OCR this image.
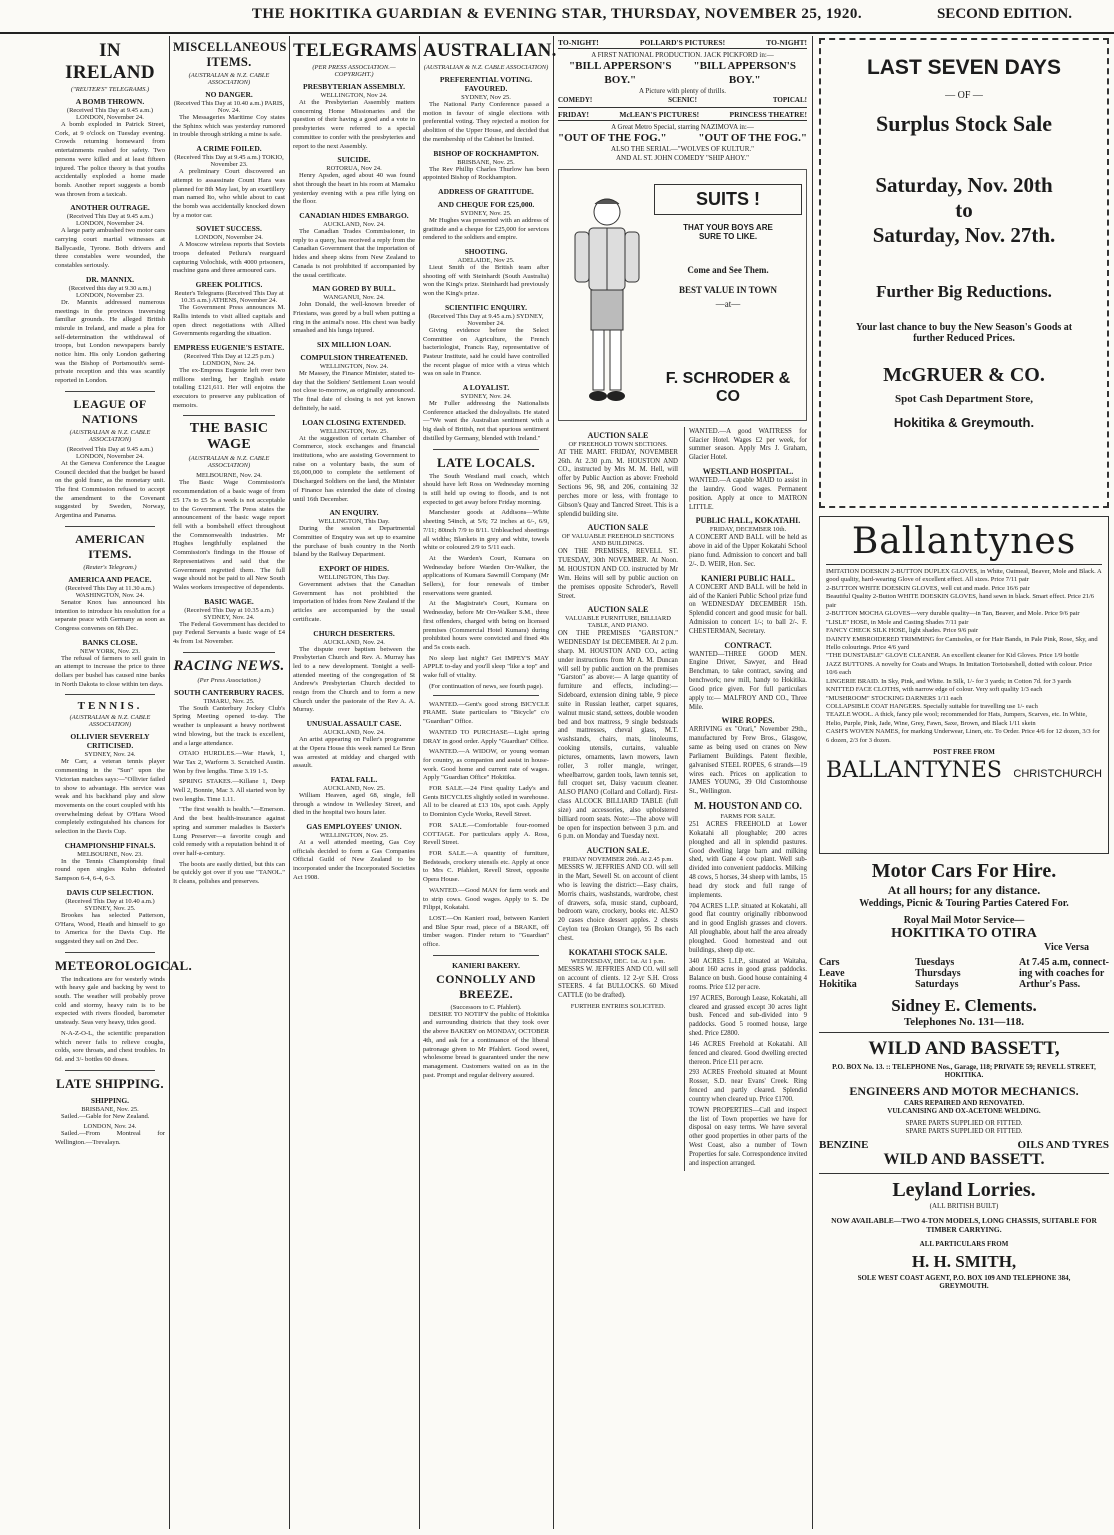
THE HOKITIKA GUARDIAN & EVENING STAR, THURSDAY, NOVEMBER 25, 1920.	SECOND EDITION.
IN IRELAND
("REUTER'S" TELEGRAMS.)
A BOMB THROWN.
(Received This Day at 9.45 a.m.) LONDON, November 24.

A bomb exploded in Patrick Street, Cork, at 9 o'clock on Tuesday evening. Crowds returning homeward from entertainments rushed for safety. Two persons were killed and at least fifteen injured. The police theory is that youths accidentally exploded a home made bomb. Another report suggests a bomb was thrown from a taxicab.

ANOTHER OUTRAGE.
(Received This Day at 9.45 a.m.) LONDON, November 24.

A large party ambushed two motor cars carrying court martial witnesses at Ballycastle, Tyrone. Both drivers and three constables were wounded, the constables seriously.

DR. MANNIX.
(Received this day at 9.30 a.m.) LONDON, November 23.

Dr. Mannix addressed numerous meetings in the provinces traversing familiar grounds. He alleged British misrule in Ireland, and made a plea for self-determination the withdrawal of troops, but London newspapers barely notice him. His only London gathering was the Bishop of Portsmouth's semi-private reception and this was scantily reported in London.

LEAGUE OF NATIONS
(AUSTRALIAN & N.Z. CABLE ASSOCIATION)
(Received This Day at 9.45 a.m.) LONDON, November 24.

At the Geneva Conference the League Council decided that the budget be based on the gold franc, as the monetary unit. The first Commission refused to accept the amendment to the Covenant suggested by Sweden, Norway, Argentina and Panama.

AMERICAN ITEMS.
(Reuter's Telegram.)
AMERICA AND PEACE.
(Received This Day at 11.30 a.m.) WASHINGTON, Nov. 24.

Senator Knox has announced his intention to introduce his resolution for a separate peace with Germany as soon as Congress convenes on 6th Dec.

BANKS CLOSE.
NEW YORK, Nov. 23.

The refusal of farmers to sell grain in an attempt to increase the price to three dollars per bushel has caused nine banks in North Dakota to close within ten days.

TENNIS.
(AUSTRALIAN & N.Z. CABLE ASSOCIATION)
OLLIVIER SEVERELY CRITICISED.
SYDNEY, Nov. 24.

Mr Carr, a veteran tennis player commenting in the "Sun" upon the Victorian matches says:—"Ollivier failed to show to advantage. His service was weak and his backhand play and slow movements on the court coupled with his overwhelming defeat by O'Hara Wood completely extinguished his chances for selection in the Davis Cup.

CHAMPIONSHIP FINALS.
MELBOURNE, Nov. 23.

In the Tennis Championship final round open singles Kuhn defeated Sampson 6-4, 6-4, 6-3.

DAVIS CUP SELECTION.
(Received This Day at 10.40 a.m.) SYDNEY, Nov. 25.

Brookes has selected Patterson, O'Hara, Wood, Heath and himself to go to America for the Davis Cup. He suggested they sail on 2nd Dec.

METEOROLOGICAL.

The indications are for westerly winds with heavy gale and backing by west to south. The weather will probably prove cold and stormy, heavy rain is to be expected with rivers flooded, barometer unsteady. Seas very heavy, tides good.

N-A-Z-O-L, the scientific preparation which never fails to relieve coughs, colds, sore throats, and chest troubles. In 6d. and 3/- bottles 60 doses.

LATE SHIPPING.
SHIPPING.
BRISBANE, Nov. 25.

Sailed.—Gable for New Zealand.

LONDON, Nov. 24.

Sailed.—From Montreal for Wellington.—Trevalayn.

MISCELLANEOUS ITEMS.
(AUSTRALIAN & N.Z. CABLE ASSOCIATION)
NO DANGER.
(Received This Day at 10.40 a.m.) PARIS, Nov. 24.

The Messageries Maritime Coy states the Sphinx which was yesterday rumored in trouble through striking a mine is safe.

A CRIME FOILED.
(Received This Day at 9.45 a.m.) TOKIO, November 23.

A preliminary Court discovered an attempt to assassinate Count Hara was planned for 8th May last, by an exartillery man named Ito, who while about to cast the bomb was accidentally knocked down by a motor car.

SOVIET SUCCESS.
LONDON, November 24.

A Moscow wireless reports that Soviets troops defeated Petlura's rearguard capturing Volochisk, with 4000 prisoners, machine guns and three armoured cars.

GREEK POLITICS.
Reuter's Telegrams (Received This Day at 10.35 a.m.) ATHENS, November 24.

The Government Press announces M. Rallis intends to visit allied capitals and open direct negotiations with Allied Governments regarding the situation.

EMPRESS EUGENIE'S ESTATE.
(Received This Day at 12.25 p.m.) LONDON, Nov. 24.

The ex-Empress Eugenie left over two millions sterling, her English estate totalling £121,611. Her will enjoins the executors to preserve any publication of memoirs.

THE BASIC WAGE
(AUSTRALIAN & N.Z. CABLE ASSOCIATION)
MELBOURNE, Nov. 24.

The Basic Wage Commission's recommendation of a basic wage of from £5 17s to £5 5s a week is not acceptable to the Government. The Press states the announcement of the basic wage report fell with a bombshell effect throughout the Commonwealth industries. Mr Hughes lengthfully explained the Commission's findings in the House of Representatives and said that the Government regretted them. The full wage should not be paid to all New South Wales workers irrespective of dependents.

BASIC WAGE.
(Received This Day at 10.35 a.m.) SYDNEY, Nov. 24.

The Federal Government has decided to pay Federal Servants a basic wage of £4 4s from 1st November.

RACING NEWS.
(Per Press Association.)
SOUTH CANTERBURY RACES.
TIMARU, Nov. 25.

The South Canterbury Jockey Club's Spring Meeting opened to-day. The weather is unpleasant a heavy northwest wind blowing, but the track is excellent, and a large attendance.

OTAIO HURDLES.—War Hawk, 1, War Tax 2, Warform 3. Scratched Austin. Won by five lengths. Time 3.19 1-5.

SPRING STAKES.—Killane 1, Deep Well 2, Bonnie, Mac 3. All started won by two lengths. Time 1.11.

"The first wealth is health."—Emerson. And the best health-insurance against spring and summer maladies is Baxter's Lung Preserver—a favorite cough and cold remedy with a reputation behind it of over half-a-century.

The boots are easily dirtied, but this can be quickly got over if you use "TANOL." It cleans, polishes and preserves.

TELEGRAMS
(PER PRESS ASSOCIATION.—COPYRIGHT.)
PRESBYTERIAN ASSEMBLY.
WELLINGTON, Nov 24.

At the Presbyterian Assembly matters concerning Home Missionaries and the question of their having a good and a vote in presbyteries were referred to a special committee to confer with the presbyteries and report to the next Assembly.

SUICIDE.
ROTORUA, Nov 24.

Henry Apsden, aged about 40 was found shot through the heart in his room at Mamaku yesterday evening with a pea rifle lying on the floor.

CANADIAN HIDES EMBARGO.
AUCKLAND, Nov. 24.

The Canadian Trades Commissioner, in reply to a query, has received a reply from the Canadian Government that the importation of hides and sheep skins from New Zealand to Canada is not prohibited if accompanied by the usual certificate.

MAN GORED BY BULL.
WANGANUI, Nov. 24.

John Donald, the well-known breeder of Friesians, was gored by a bull when putting a ring in the animal's nose. His chest was badly smashed and his lungs injured.

SIX MILLION LOAN.
COMPULSION THREATENED.
WELLINGTON, Nov. 24.

Mr Massey, the Finance Minister, stated to-day that the Soldiers' Settlement Loan would not close to-morrow, as originally announced. The final date of closing is not yet known definitely, he said.

LOAN CLOSING EXTENDED.
WELLINGTON, Nov. 25.

At the suggestion of certain Chamber of Commerce, stock exchanges and financial institutions, who are assisting Government to raise on a voluntary basis, the sum of £6,000,000 to complete the settlement of Discharged Soldiers on the land, the Minister of Finance has extended the date of closing until 16th December.

AN ENQUIRY.
WELLINGTON, This Day.

During the session a Departmental Committee of Enquiry was set up to examine the purchase of bush country in the North Island by the Railway Department.

EXPORT OF HIDES.
WELLINGTON, This Day.

Government advises that the Canadian Government has not prohibited the importation of hides from New Zealand if the articles are accompanied by the usual certificate.

CHURCH DESERTERS.
AUCKLAND, Nov. 24.

The dispute over baptism between the Presbyterian Church and Rev. A. Murray has led to a new development. Tonight a well-attended meeting of the congregation of St Andrew's Presbyterian Church decided to resign from the Church and to form a new Church under the pastorate of the Rev A. A. Murray.

UNUSUAL ASSAULT CASE.
AUCKLAND, Nov. 24.

An artist appearing on Fuller's programme at the Opera House this week named Le Brun was arrested at midday and charged with assault.

FATAL FALL.
AUCKLAND, Nov. 25.

William Heaven, aged 68, single, fell through a window in Wellesley Street, and died in the hospital two hours later.

GAS EMPLOYEES' UNION.
WELLINGTON, Nov. 25.

At a well attended meeting, Gas Coy officials decided to form a Gas Companies Official Guild of New Zealand to be incorporated under the Incorporated Societies Act 1908.

AUSTRALIAN.
(AUSTRALIAN & N.Z. CABLE ASSOCIATION)
PREFERENTIAL VOTING. FAVOURED.
SYDNEY, Nov 25.

The National Party Conference passed a motion in favour of single elections with preferential voting. They rejected a motion for abolition of the Upper House, and decided that the membership of the Cabinet be limited.

BISHOP OF ROCKHAMPTON.
BRISBANE, Nov. 25.

The Rev Phillip Charles Thurlow has been appointed Bishop of Rockhampton.

ADDRESS OF GRATITUDE.
AND CHEQUE FOR £25,000.
SYDNEY, Nov. 25.

Mr Hughes was presented with an address of gratitude and a cheque for £25,000 for services rendered to the soldiers and empire.

SHOOTING.
ADELAIDE, Nov 25.

Lieut Smith of the British team after shooting off with Steinhardt (South Australia) won the King's prize. Steinhardt had previously won the King's prize.

SCIENTIFIC ENQUIRY.
(Received This Day at 9.45 a.m.) SYDNEY, November 24.

Giving evidence before the Select Committee on Agriculture, the French bacteriologist, Francis Ray, representative of Pasteur Institute, said he could have controlled the recent plague of mice with a virus which was on sale in France.

A LOYALIST.
SYDNEY, Nov. 24.

Mr Fuller addressing the Nationalists Conference attacked the disloyalists. He stated—"We want the Australian sentiment with a big dash of British, not that spurious sentiment distilled by Germany, blended with Ireland."

LATE LOCALS.

The South Westland mail coach, which should have left Ross on Wednesday morning is still held up owing to floods, and is not expected to get away before Friday morning.

Manchester goods at Addisons—White sheeting 54inch, at 5/6; 72 inches at 6/-, 6/9, 7/11; 80inch 7/9 to 8/11. Unbleached sheetings all widths; Blankets in grey and white, towels white or coloured 2/9 to 5/11 each.

At the Warden's Court, Kumara on Wednesday before Warden Orr-Walker, the applications of Kumara Sawmill Company (Mr Sellers), for four renewals of timber reservations were granted.

At the Magistrate's Court, Kumara on Wednesday, before Mr Orr-Walker S.M., three first offenders, charged with being on licensed premises (Commercial Hotel Kumara) during prohibited hours were convicted and fined 40s and 5s costs each.

No sleep last night? Get IMPEY'S MAY APPLE to-day and you'll sleep "like a top" and wake full of vitality.

(For continuation of news, see fourth page).

WANTED.—Gent's good strong BICYCLE FRAME. State particulars to "Bicycle" c/o "Guardian" Office.

WANTED TO PURCHASE—Light spring DRAY in good order. Apply "Guardian" Office.

WANTED.—A WIDOW, or young woman for country, as companion and assist in house-work. Good home and current rate of wages. Apply "Guardian Office" Hokitika.

FOR SALE.—24 First quality Lady's and Gents BICYCLES slightly soiled in warehouse. All to be cleared at £13 10s, spot cash. Apply to Dominion Cycle Works, Revell Street.

FOR SALE.—Comfortable four-roomed COTTAGE. For particulars apply A. Ross, Revell Street.

FOR SALE.—A quantity of furniture, Bedsteads, crockery utensils etc. Apply at once to Mrs C. Pfahlert, Revell Street, opposite Opera House.

WANTED.—Good MAN for farm work and to strip cows. Good wages. Apply to S. De Filippi, Kokatahi.

LOST.—On Kanieri road, between Kanieri and Blue Spur road, piece of a BRAKE, off timber wagon. Finder return to "Guardian" office.

KANIERI BAKERY.
CONNOLLY AND BREEZE.
(Successors to C. Pfahlert).

DESIRE TO NOTIFY the public of Hokitika and surrounding districts that they took over the above BAKERY on MONDAY, OCTOBER 4th, and ask for a continuance of the liberal patronage given to Mr Pfahlert. Good sweet, wholesome bread is guaranteed under the new management. Customers waited on as in the past. Prompt and regular delivery assured.

TO-NIGHT!	POLLARD'S PICTURES!	TO-NIGHT!
A FIRST NATIONAL PRODUCTION. JACK PICKFORD in:—
"BILL APPERSON'S BOY."
"BILL APPERSON'S BOY."
A Picture with plenty of thrills.
COMEDY!	SCENIC!	TOPICAL!
FRIDAY!	McLEAN'S PICTURES!	PRINCESS THEATRE!
A Great Metro Special, starring NAZIMOVA in:—
"OUT OF THE FOG."	"OUT OF THE FOG."
ALSO THE SERIAL—"WOLVES OF KULTUR."
AND AL ST. JOHN COMEDY "SHIP AHOY."
SUITS !
THAT YOUR BOYS ARE
SURE TO LIKE.
Come and See Them.
BEST VALUE IN TOWN
—at—
F. SCHRODER & CO
AUCTION SALE
OF FREEHOLD TOWN SECTIONS.

AT THE MART. FRIDAY, NOVEMBER 26th. At 2.30 p.m. M. HOUSTON AND CO., instructed by Mrs M. M. Hell, will offer by Public Auction as above: Freehold Sections 96, 98, and 206, containing 32 perches more or less, with frontage to Gibson's Quay and Tancred Street. This is a splendid building site.

AUCTION SALE
OF VALUABLE FREEHOLD SECTIONS AND BUILDINGS.

ON THE PREMISES, REVELL ST. TUESDAY, 30th NOVEMBER. At Noon. M. HOUSTON AND CO. instructed by Mr Wm. Heins will sell by public auction on the premises opposite Schroder's, Revell Street.

AUCTION SALE
VALUABLE FURNITURE, BILLIARD TABLE, AND PIANO.

ON THE PREMISES "GARSTON." WEDNESDAY 1st DECEMBER. At 2 p.m. sharp. M. HOUSTON AND CO., acting under instructions from Mr A. M. Duncan will sell by public auction on the premises "Garston" as above:— A large quantity of furniture and effects, including:—Sideboard, extension dining table, 9 piece suite in Russian leather, carpet squares, walnut music stand, settees, double wooden bed and box mattress, 9 single bedsteads and mattresses, cheval glass, M.T. washstands, chairs, mats, linoleums, cooking utensils, curtains, valuable pictures, ornaments, lawn mowers, lawn roller, 3 roller mangle, wringer, wheelbarrow, garden tools, lawn tennis set, full croquet set, Daisy vacuum cleaner. ALSO PIANO (Collard and Collard). First-class ALCOCK BILLIARD TABLE (full size) and accessories, also upholstered billiard room seats. Note:—The above will be open for inspection between 3 p.m. and 6 p.m. on Monday and Tuesday next.

AUCTION SALE.
FRIDAY NOVEMBER 26th. At 2.45 p.m.

MESSRS W. JEFFRIES AND CO. will sell in the Mart, Sewell St. on account of client who is leaving the district:—Easy chairs, Morris chairs, washstands, wardrobe, chest of drawers, sofa, music stand, cupboard, bedroom ware, crockery, books etc. ALSO 20 cases choice dessert apples. 2 chests Ceylon tea (Broken Orange), 95 lbs each chest.

KOKATAHI STOCK SALE.
WEDNESDAY, DEC. 1st. At 1 p.m.

MESSRS W. JEFFRIES AND CO. will sell on account of clients. 12 2-yr S.H. Cross STEERS. 4 fat BULLOCKS. 60 Mixed CATTLE (to be drafted).

FURTHER ENTRIES SOLICITED.

WANTED.—A good WAITRESS for Glacier Hotel. Wages £2 per week, for summer season. Apply Mrs J. Graham, Glacier Hotel.

WESTLAND HOSPITAL.

WANTED.—A capable MAID to assist in the laundry. Good wages. Permanent position. Apply at once to MATRON LITTLE.

PUBLIC HALL, KOKATAHI.
FRIDAY, DECEMBER 10th.

A CONCERT AND BALL will be held as above in aid of the Upper Kokatahi School piano fund. Admission to concert and ball 2/-. D. WEIR, Hon. Sec.

KANIERI PUBLIC HALL.

A CONCERT AND BALL will be held in aid of the Kanieri Public School prize fund on WEDNESDAY DECEMBER 15th. Splendid concert and good music for ball. Admission to concert 1/-; to ball 2/-. F. CHESTERMAN, Secretary.

CONTRACT.

WANTED—THREE GOOD MEN. Engine Driver, Sawyer, and Head Benchman, to take contract, sawing and benchwork; new mill, handy to Hokitika. Good price given. For full particulars apply to:— MALFROY AND CO., Three Mile.

WIRE ROPES.

ARRIVING ex "Orari," November 29th., manufactured by Frew Bros., Glasgow, same as being used on cranes on New Parliament Buildings. Patent flexible, galvanised STEEL ROPES, 6 strands—19 wires each. Prices on application to JAMES YOUNG, 39 Old Customhouse St., Wellington.

M. HOUSTON AND CO.
FARMS FOR SALE.

251 ACRES FREEHOLD at Lower Kokatahi all ploughable; 200 acres ploughed and all in splendid pastures. Good dwelling large barn and milking shed, with Gane 4 cow plant. Well sub-divided into convenient paddocks. Milking 48 cows, 5 horses, 34 sheep with lambs, 15 head dry stock and full range of implements.

704 ACRES L.I.P. situated at Kokatahi, all good flat country originally ribbonwood and in good English grasses and clovers. All ploughable, about half the area already ploughed. Good homestead and out buildings, sheep dip etc.

340 ACRES L.I.P., situated at Waitaha, about 160 acres in good grass paddocks. Balance on bush. Good house containing 4 rooms. Price £12 per acre.

197 ACRES, Borough Lease, Kokatahi, all cleared and grassed except 30 acres light bush. Fenced and sub-divided into 9 paddocks. Good 5 roomed house, large shed. Price £2800.

146 ACRES Freehold at Kokatahi. All fenced and cleared. Good dwelling erected thereon. Price £11 per acre.

293 ACRES Freehold situated at Mount Rosser, S.D. near Evans' Creek. Ring fenced and partly cleared. Splendid country when cleared up. Price £1700.

TOWN PROPERTIES—Call and inspect the list of Town properties we have for disposal on easy terms. We have several other good properties in other parts of the West Coast, also a number of Town Properties for sale. Correspondence invited and inspection arranged.

LAST SEVEN DAYS
— OF —
Surplus Stock Sale
Saturday, Nov. 20th
to
Saturday, Nov. 27th.
Further Big Reductions.
Your last chance to buy the New Season's Goods at further Reduced Prices.
McGRUER & CO.
Spot Cash Department Store,
Hokitika & Greymouth.
Ballantynes
IMITATION DOESKIN 2-BUTTON DUPLEX GLOVES, in White, Oatmeal, Beaver, Mole and Black. A good quality, hard-wearing Glove of excellent effect. All sizes. Price 7/11 pair
2-BUTTON WHITE DOESKIN GLOVES, well cut and made. Price 16/6 pair
Beautiful Quality 2-Button WHITE DOESKIN GLOVES, hand sewn in black. Smart effect. Price 21/6 pair
2-BUTTON MOCHA GLOVES—very durable quality—in Tan, Beaver, and Mole. Price 9/6 pair
"LISLE" HOSE, in Mole and Casting Shades 7/11 pair
FANCY CHECK SILK HOSE, light shades. Price 9/6 pair
DAINTY EMBROIDERED TRIMMING for Camisoles, or for Hair Bands, in Pale Pink, Rose, Sky, and Hello colourings. Price 4/6 yard
"THE DUNSTABLE" GLOVE CLEANER. An excellent cleaner for Kid Gloves. Price 1/9 bottle
JAZZ BUTTONS. A novelty for Coats and Wraps. In Imitation Tortoiseshell, dotted with colour. Price 10/6 each
LINGERIE BRAID. In Sky, Pink, and White. In Silk, 1/- for 3 yards; in Cotton 7d. for 3 yards
KNITTED FACE CLOTHS, with narrow edge of colour. Very soft quality 1/3 each
"MUSHROOM" STOCKING DARNERS 1/11 each
COLLAPSIBLE COAT HANGERS. Specially suitable for travelling use 1/- each
TEAZLE WOOL. A thick, fancy pile wool; recommended for Hats, Jumpers, Scarves, etc. In White, Helio, Purple, Pink, Jade, Wine, Grey, Fawn, Saxe, Brown, and Black 1/11 skein
CASH'S WOVEN NAMES, for marking Underwear, Linen, etc. To Order. Price 4/6 for 12 dozen, 3/3 for 6 dozen, 2/3 for 3 dozen.
POST FREE FROM
BALLANTYNES CHRISTCHURCH
Motor Cars For Hire.
At all hours; for any distance.
Weddings, Picnic & Touring Parties Catered For.
Royal Mail Motor Service—
HOKITIKA TO OTIRA
Vice Versa
Cars
Leave
Hokitika
Tuesdays
Thursdays
Saturdays
At 7.45 a.m, connect-
ing with coaches for
Arthur's Pass.
Sidney E. Clements.
Telephones No. 131—118.
WILD AND BASSETT,
P.O. BOX No. 13. :: TELEPHONE Nos., Garage, 118; PRIVATE 59; REVELL STREET, HOKITIKA.
ENGINEERS AND MOTOR MECHANICS.
CARS REPAIRED AND RENOVATED.
VULCANISING AND OX-ACETONE WELDING.
SPARE PARTS SUPPLIED OR FITTED.
SPARE PARTS SUPPLIED OR FITTED.
BENZINE	OILS AND TYRES
WILD AND BASSETT.
Leyland Lorries.
(ALL BRITISH BUILT)
NOW AVAILABLE—TWO 4-TON MODELS, LONG CHASSIS, SUITABLE FOR TIMBER CARRYING.
ALL PARTICULARS FROM
H. H. SMITH,
SOLE WEST COAST AGENT, P.O. BOX 109 AND TELEPHONE 384, GREYMOUTH.
